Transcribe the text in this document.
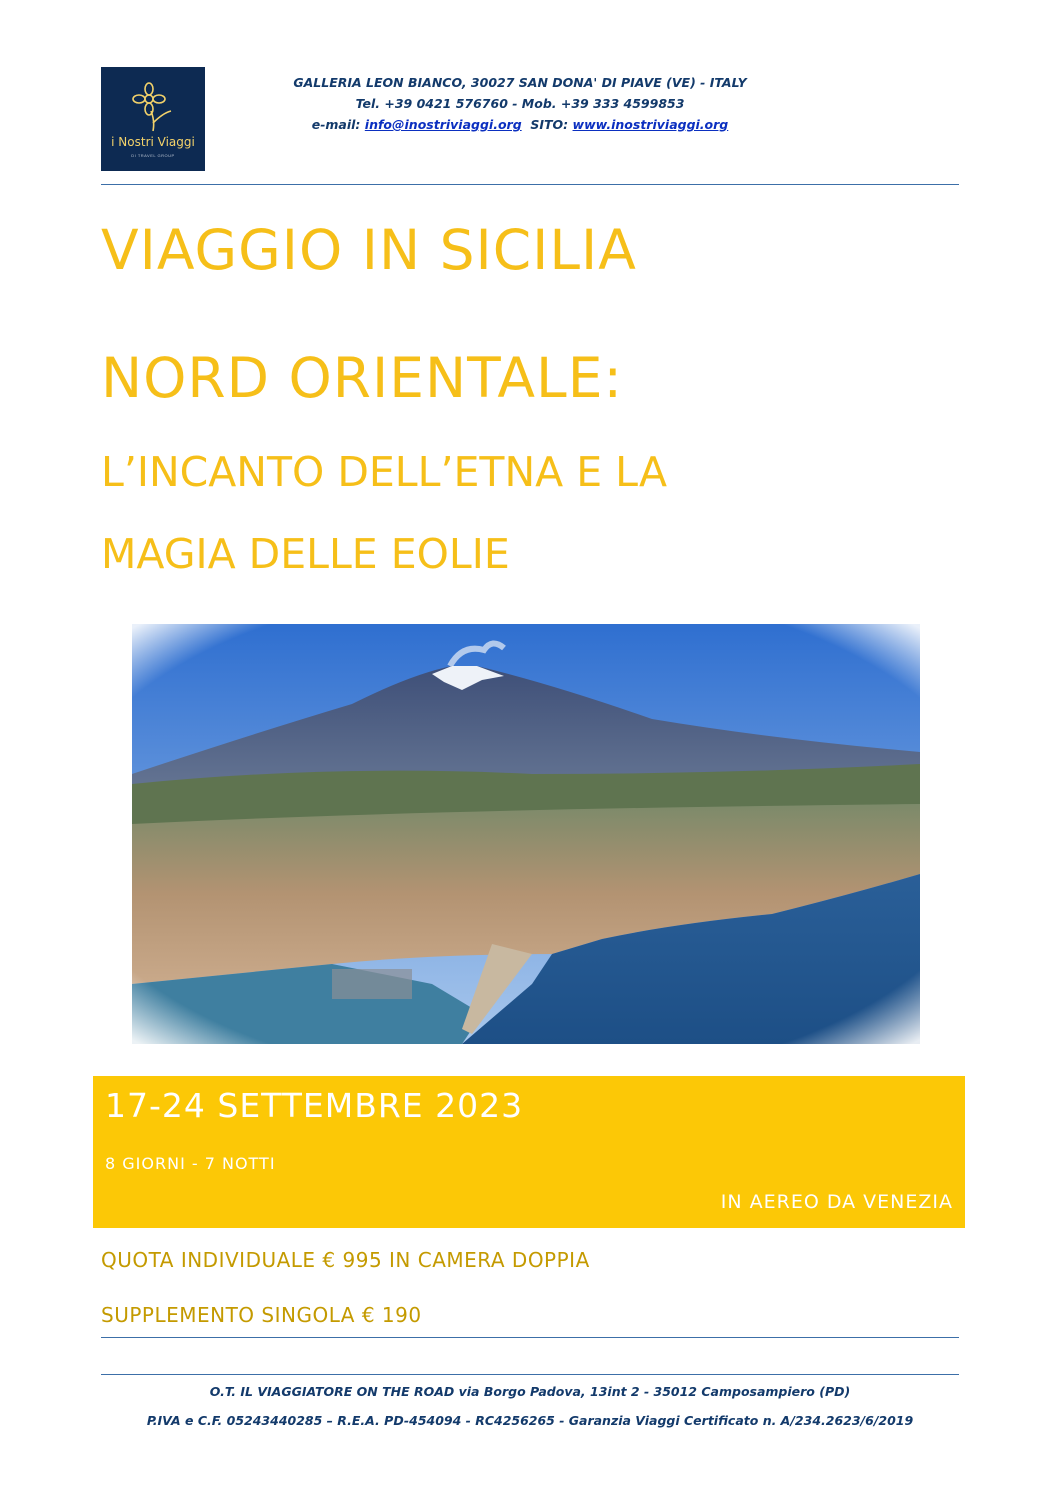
i Nostri Viaggi
DI TRAVEL GROUP
GALLERIA LEON BIANCO, 30027 SAN DONA' DI PIAVE (VE) - ITALY
Tel. +39 0421 576760 - Mob. +39 333 4599853
e-mail: info@inostriviaggi.org SITO: www.inostriviaggi.org
VIAGGIO IN SICILIA
NORD ORIENTALE:
L’INCANTO DELL’ETNA E LA
MAGIA DELLE EOLIE
17-24 SETTEMBRE 2023
8 GIORNI - 7 NOTTI
IN AEREO DA VENEZIA
QUOTA INDIVIDUALE € 995 IN CAMERA DOPPIA
SUPPLEMENTO SINGOLA € 190
O.T. IL VIAGGIATORE ON THE ROAD via Borgo Padova, 13int 2 - 35012 Camposampiero (PD)
P.IVA e C.F. 05243440285 – R.E.A. PD-454094 - RC4256265 - Garanzia Viaggi Certificato n. A/234.2623/6/2019
